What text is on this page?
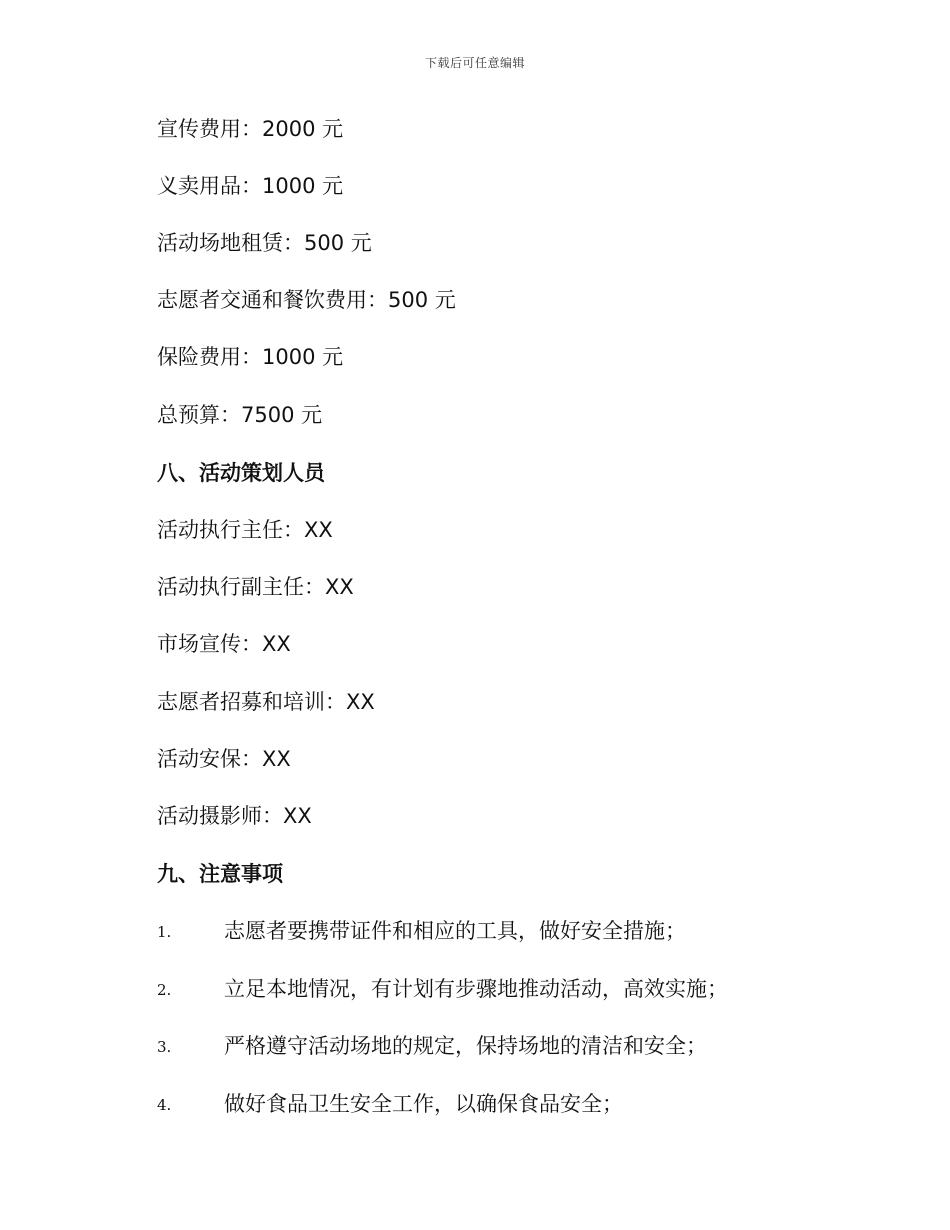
下载后可任意编辑
宣传费用：2000 元
义卖用品：1000 元
活动场地租赁：500 元
志愿者交通和餐饮费用：500 元
保险费用：1000 元
总预算：7500 元
八、活动策划人员
活动执行主任：XX
活动执行副主任：XX
市场宣传：XX
志愿者招募和培训：XX
活动安保：XX
活动摄影师：XX
九、注意事项
1.	志愿者要携带证件和相应的工具，做好安全措施；
2.	立足本地情况，有计划有步骤地推动活动，高效实施；
3.	严格遵守活动场地的规定，保持场地的清洁和安全；
4.	做好食品卫生安全工作，以确保食品安全；
